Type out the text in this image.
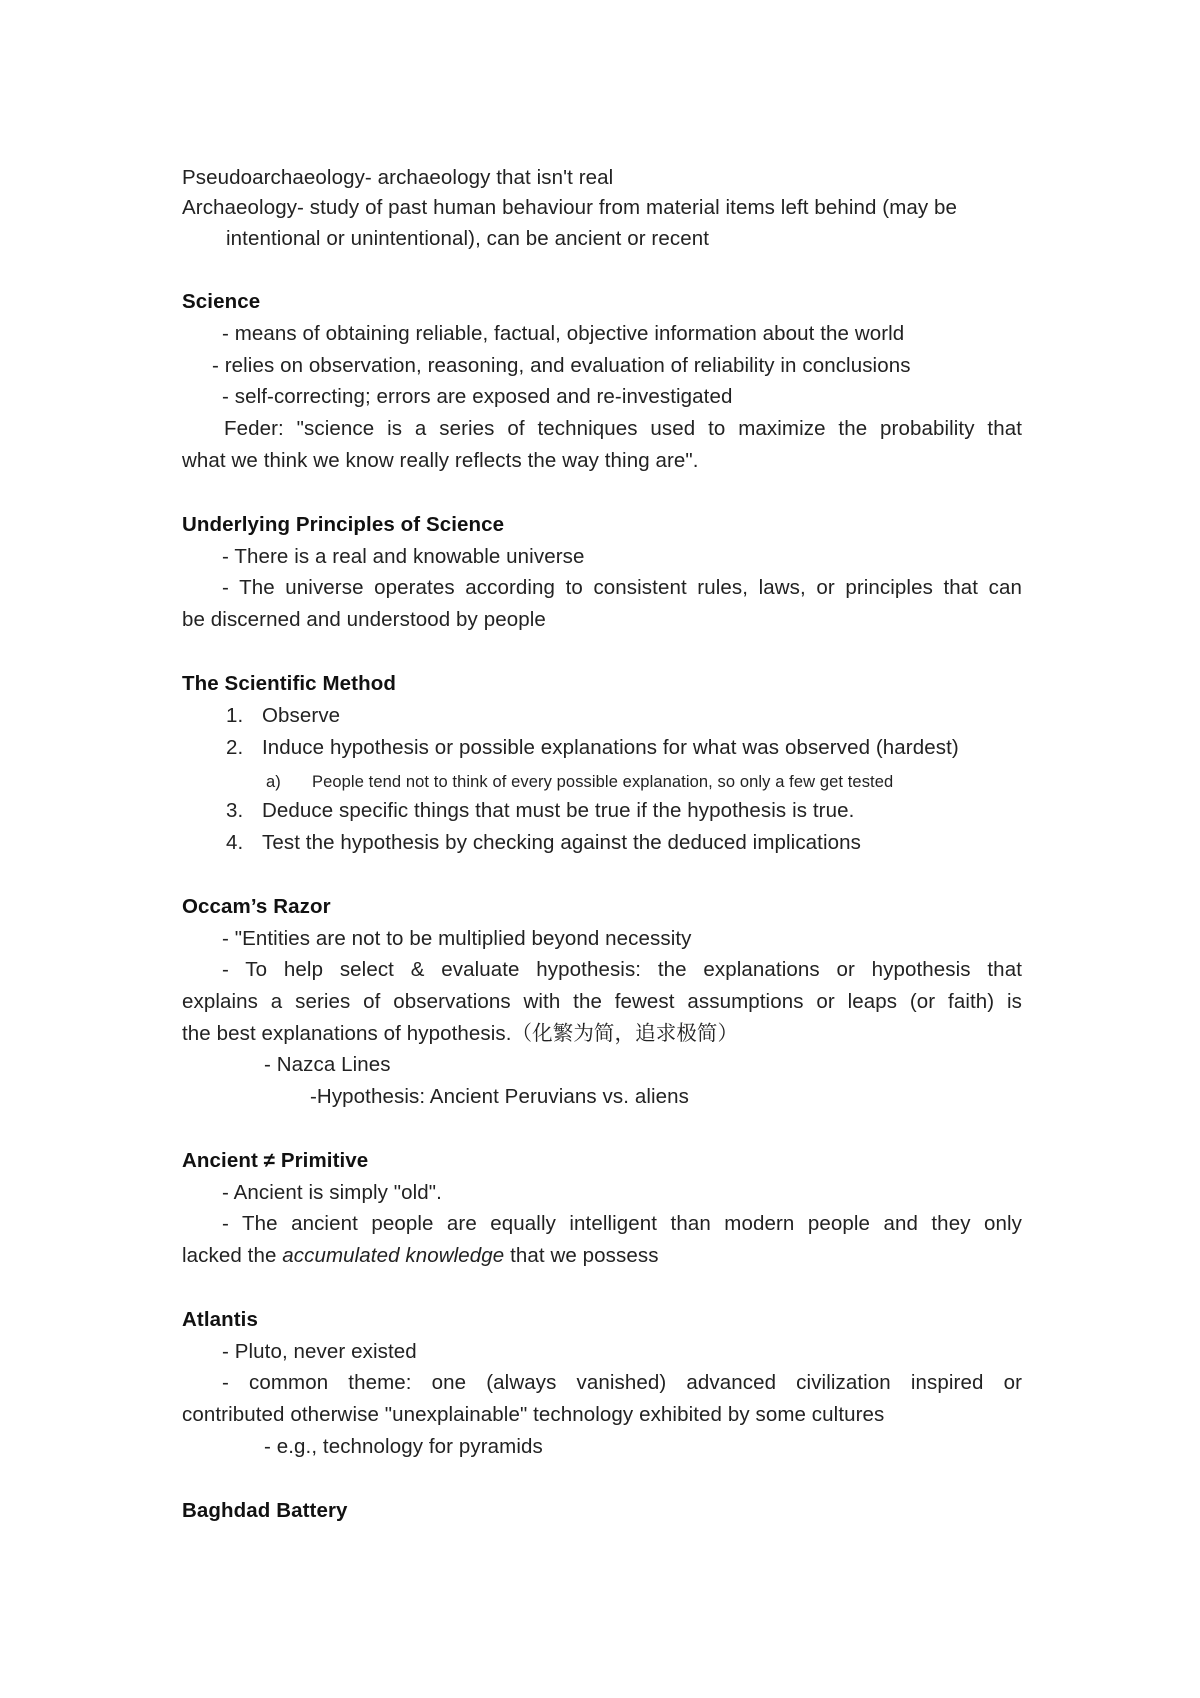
Pseudoarchaeology- archaeology that isn't real
Archaeology- study of past human behaviour from material items left behind (may be
intentional or unintentional), can be ancient or recent
Science
- means of obtaining reliable, factual, objective information about the world
- relies on observation, reasoning, and evaluation of reliability in conclusions
- self-correcting; errors are exposed and re-investigated
Feder: "science is a series of techniques used to maximize the probability that
what we think we know really reflects the way thing are".
Underlying Principles of Science
- There is a real and knowable universe
- The universe operates according to consistent rules, laws, or principles that can
be discerned and understood by people
The Scientific Method
1. Observe
2. Induce hypothesis or possible explanations for what was observed (hardest)
a) People tend not to think of every possible explanation, so only a few get tested
3. Deduce specific things that must be true if the hypothesis is true.
4. Test the hypothesis by checking against the deduced implications
Occam’s Razor
- "Entities are not to be multiplied beyond necessity
- To help select & evaluate hypothesis: the explanations or hypothesis that
explains a series of observations with the fewest assumptions or leaps (or faith) is
the best explanations of hypothesis.（化繁为简，追求极简）
- Nazca Lines
-Hypothesis: Ancient Peruvians vs. aliens
Ancient ≠ Primitive
- Ancient is simply "old".
- The ancient people are equally intelligent than modern people and they only
lacked the accumulated knowledge that we possess
Atlantis
- Pluto, never existed
- common theme: one (always vanished) advanced civilization inspired or
contributed otherwise "unexplainable" technology exhibited by some cultures
- e.g., technology for pyramids
Baghdad Battery
